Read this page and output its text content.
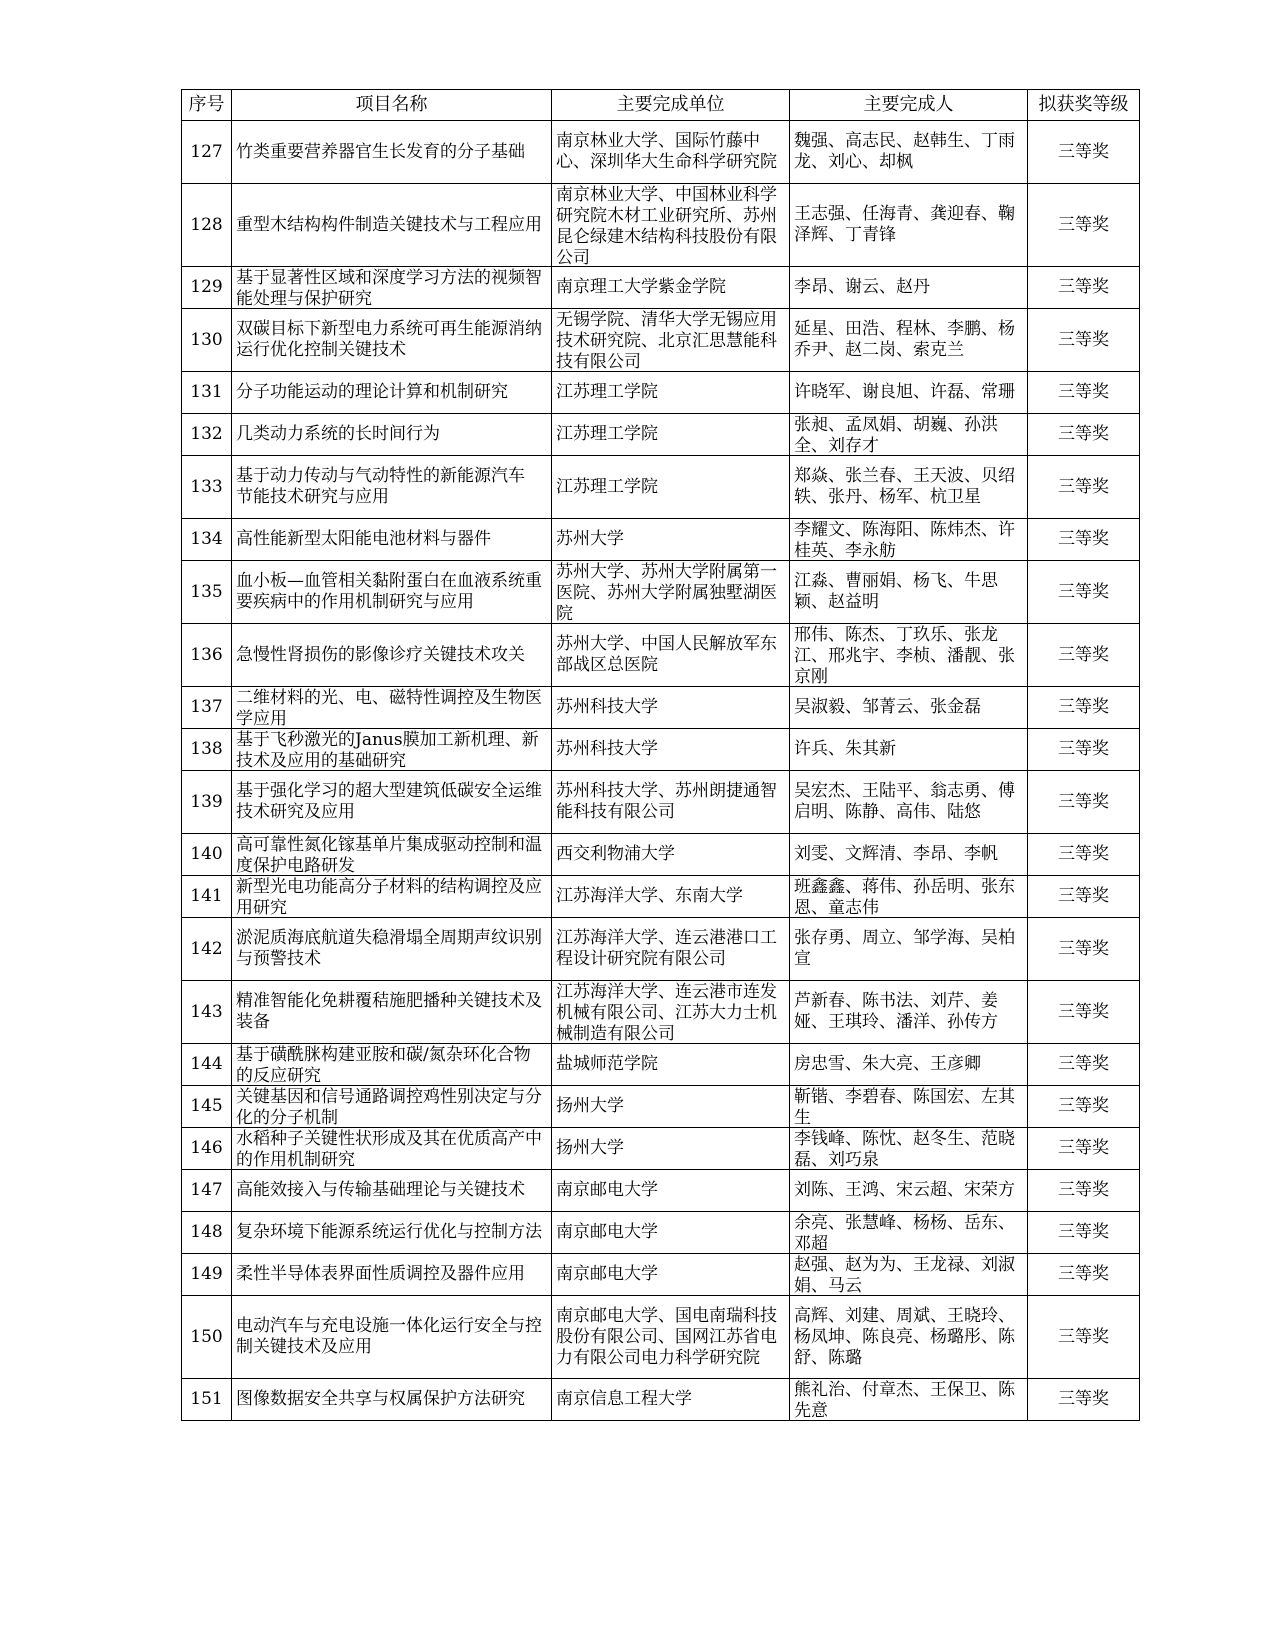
序号	项目名称	主要完成单位	主要完成人	拟获奖等级

127	竹类重要营养器官生长发育的分子基础	南京林业大学、国际竹藤中心、深圳华大生命科学研究院	魏强、高志民、赵韩生、丁雨龙、刘心、却枫	三等奖

128	重型木结构构件制造关键技术与工程应用	南京林业大学、中国林业科学研究院木材工业研究所、苏州昆仑绿建木结构科技股份有限公司	王志强、任海青、龚迎春、鞠泽辉、丁青锋	三等奖

129	基于显著性区域和深度学习方法的视频智能处理与保护研究	南京理工大学紫金学院	李昂、谢云、赵丹	三等奖

130	双碳目标下新型电力系统可再生能源消纳运行优化控制关键技术	无锡学院、清华大学无锡应用技术研究院、北京汇思慧能科技有限公司	延星、田浩、程林、李鹏、杨乔尹、赵二岗、索克兰	三等奖

131	分子功能运动的理论计算和机制研究	江苏理工学院	许晓军、谢良旭、许磊、常珊	三等奖

132	几类动力系统的长时间行为	江苏理工学院	张昶、孟凤娟、胡巍、孙洪全、刘存才	三等奖

133	基于动力传动与气动特性的新能源汽车 节能技术研究与应用	江苏理工学院	郑焱、张兰春、王天波、贝绍轶、张丹、杨军、杭卫星	三等奖

134	高性能新型太阳能电池材料与器件	苏州大学	李耀文、陈海阳、陈炜杰、许桂英、李永舫	三等奖

135	血小板—血管相关黏附蛋白在血液系统重要疾病中的作用机制研究与应用	苏州大学、苏州大学附属第一医院、苏州大学附属独墅湖医院	江淼、曹丽娟、杨飞、牛思颖、赵益明	三等奖

136	急慢性肾损伤的影像诊疗关键技术攻关	苏州大学、中国人民解放军东部战区总医院	邢伟、陈杰、丁玖乐、张龙江、邢兆宇、李桢、潘靓、张京刚	三等奖

137	二维材料的光、电、磁特性调控及生物医学应用	苏州科技大学	吴淑毅、邹菁云、张金磊	三等奖

138	基于飞秒激光的Janus膜加工新机理、新技术及应用的基础研究	苏州科技大学	许兵、朱其新	三等奖

139	基于强化学习的超大型建筑低碳安全运维技术研究及应用	苏州科技大学、苏州朗捷通智能科技有限公司	吴宏杰、王陆平、翁志勇、傅启明、陈静、高伟、陆悠	三等奖

140	高可靠性氮化镓基单片集成驱动控制和温度保护电路研发	西交利物浦大学	刘雯、文辉清、李昂、李帆	三等奖

141	新型光电功能高分子材料的结构调控及应用研究	江苏海洋大学、东南大学	班鑫鑫、蒋伟、孙岳明、张东恩、童志伟	三等奖

142	淤泥质海底航道失稳滑塌全周期声纹识别与预警技术	江苏海洋大学、连云港港口工程设计研究院有限公司	张存勇、周立、邹学海、吴柏宣	三等奖

143	精准智能化免耕覆秸施肥播种关键技术及装备	江苏海洋大学、连云港市连发机械有限公司、江苏大力士机械制造有限公司	芦新春、陈书法、刘芹、姜娅、王琪玲、潘洋、孙传方	三等奖

144	基于磺酰脒构建亚胺和碳/氮杂环化合物的反应研究	盐城师范学院	房忠雪、朱大亮、王彦卿	三等奖

145	关键基因和信号通路调控鸡性别决定与分化的分子机制	扬州大学	靳锴、李碧春、陈国宏、左其生	三等奖

146	水稻种子关键性状形成及其在优质高产中的作用机制研究	扬州大学	李钱峰、陈忱、赵冬生、范晓磊、刘巧泉	三等奖

147	高能效接入与传输基础理论与关键技术	南京邮电大学	刘陈、王鸿、宋云超、宋荣方	三等奖

148	复杂环境下能源系统运行优化与控制方法	南京邮电大学	余亮、张慧峰、杨杨、岳东、邓超	三等奖

149	柔性半导体表界面性质调控及器件应用	南京邮电大学	赵强、赵为为、王龙禄、刘淑娟、马云	三等奖

150	电动汽车与充电设施一体化运行安全与控制关键技术及应用	南京邮电大学、国电南瑞科技股份有限公司、国网江苏省电力有限公司电力科学研究院	高辉、刘建、周斌、王晓玲、杨凤坤、陈良亮、杨璐彤、陈舒、陈璐	三等奖

151	图像数据安全共享与权属保护方法研究	南京信息工程大学	熊礼治、付章杰、王保卫、陈先意	三等奖
